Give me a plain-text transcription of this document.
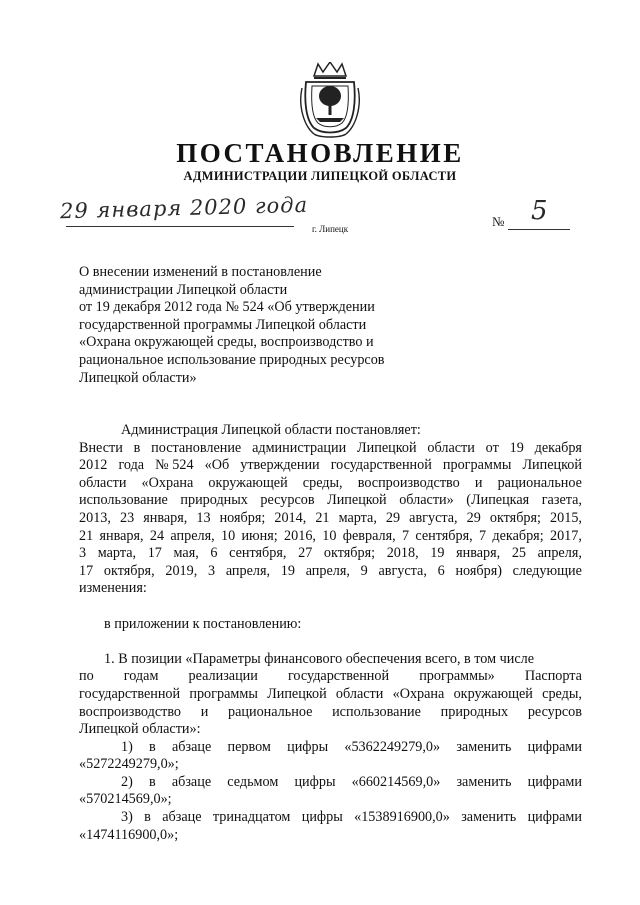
ПОСТАНОВЛЕНИЕ
АДМИНИСТРАЦИИ ЛИПЕЦКОЙ ОБЛАСТИ
29 января 2020 года
г. Липецк	№ 5
О внесении изменений в постановление
администрации Липецкой области
от 19 декабря 2012 года № 524 «Об утверждении
государственной программы Липецкой области
«Охрана окружающей среды, воспроизводство и
рациональное использование природных ресурсов
Липецкой области»
Администрация Липецкой области постановляет:
Внести в постановление администрации Липецкой области от 19 декабря
2012 года № 524 «Об утверждении государственной программы Липецкой
области «Охрана окружающей среды, воспроизводство и рациональное
использование природных ресурсов Липецкой области» (Липецкая газета,
2013, 23 января, 13 ноября; 2014, 21 марта, 29 августа, 29 октября; 2015,
21 января, 24 апреля, 10 июня; 2016, 10 февраля, 7 сентября, 7 декабря; 2017,
3 марта, 17 мая, 6 сентября, 27 октября; 2018, 19 января, 25 апреля,
17 октября, 2019, 3 апреля, 19 апреля, 9 августа, 6 ноября) следующие
изменения:
в приложении к постановлению:
1. В позиции «Параметры финансового обеспечения всего, в том числе
по годам реализации государственной программы» Паспорта
государственной программы Липецкой области «Охрана окружающей среды,
воспроизводство и рациональное использование природных ресурсов
Липецкой области»:
1) в абзаце первом цифры «5362249279,0» заменить цифрами
«5272249279,0»;
2) в абзаце седьмом цифры «660214569,0» заменить цифрами
«570214569,0»;
3) в абзаце тринадцатом цифры «1538916900,0» заменить цифрами
«1474116900,0»;
